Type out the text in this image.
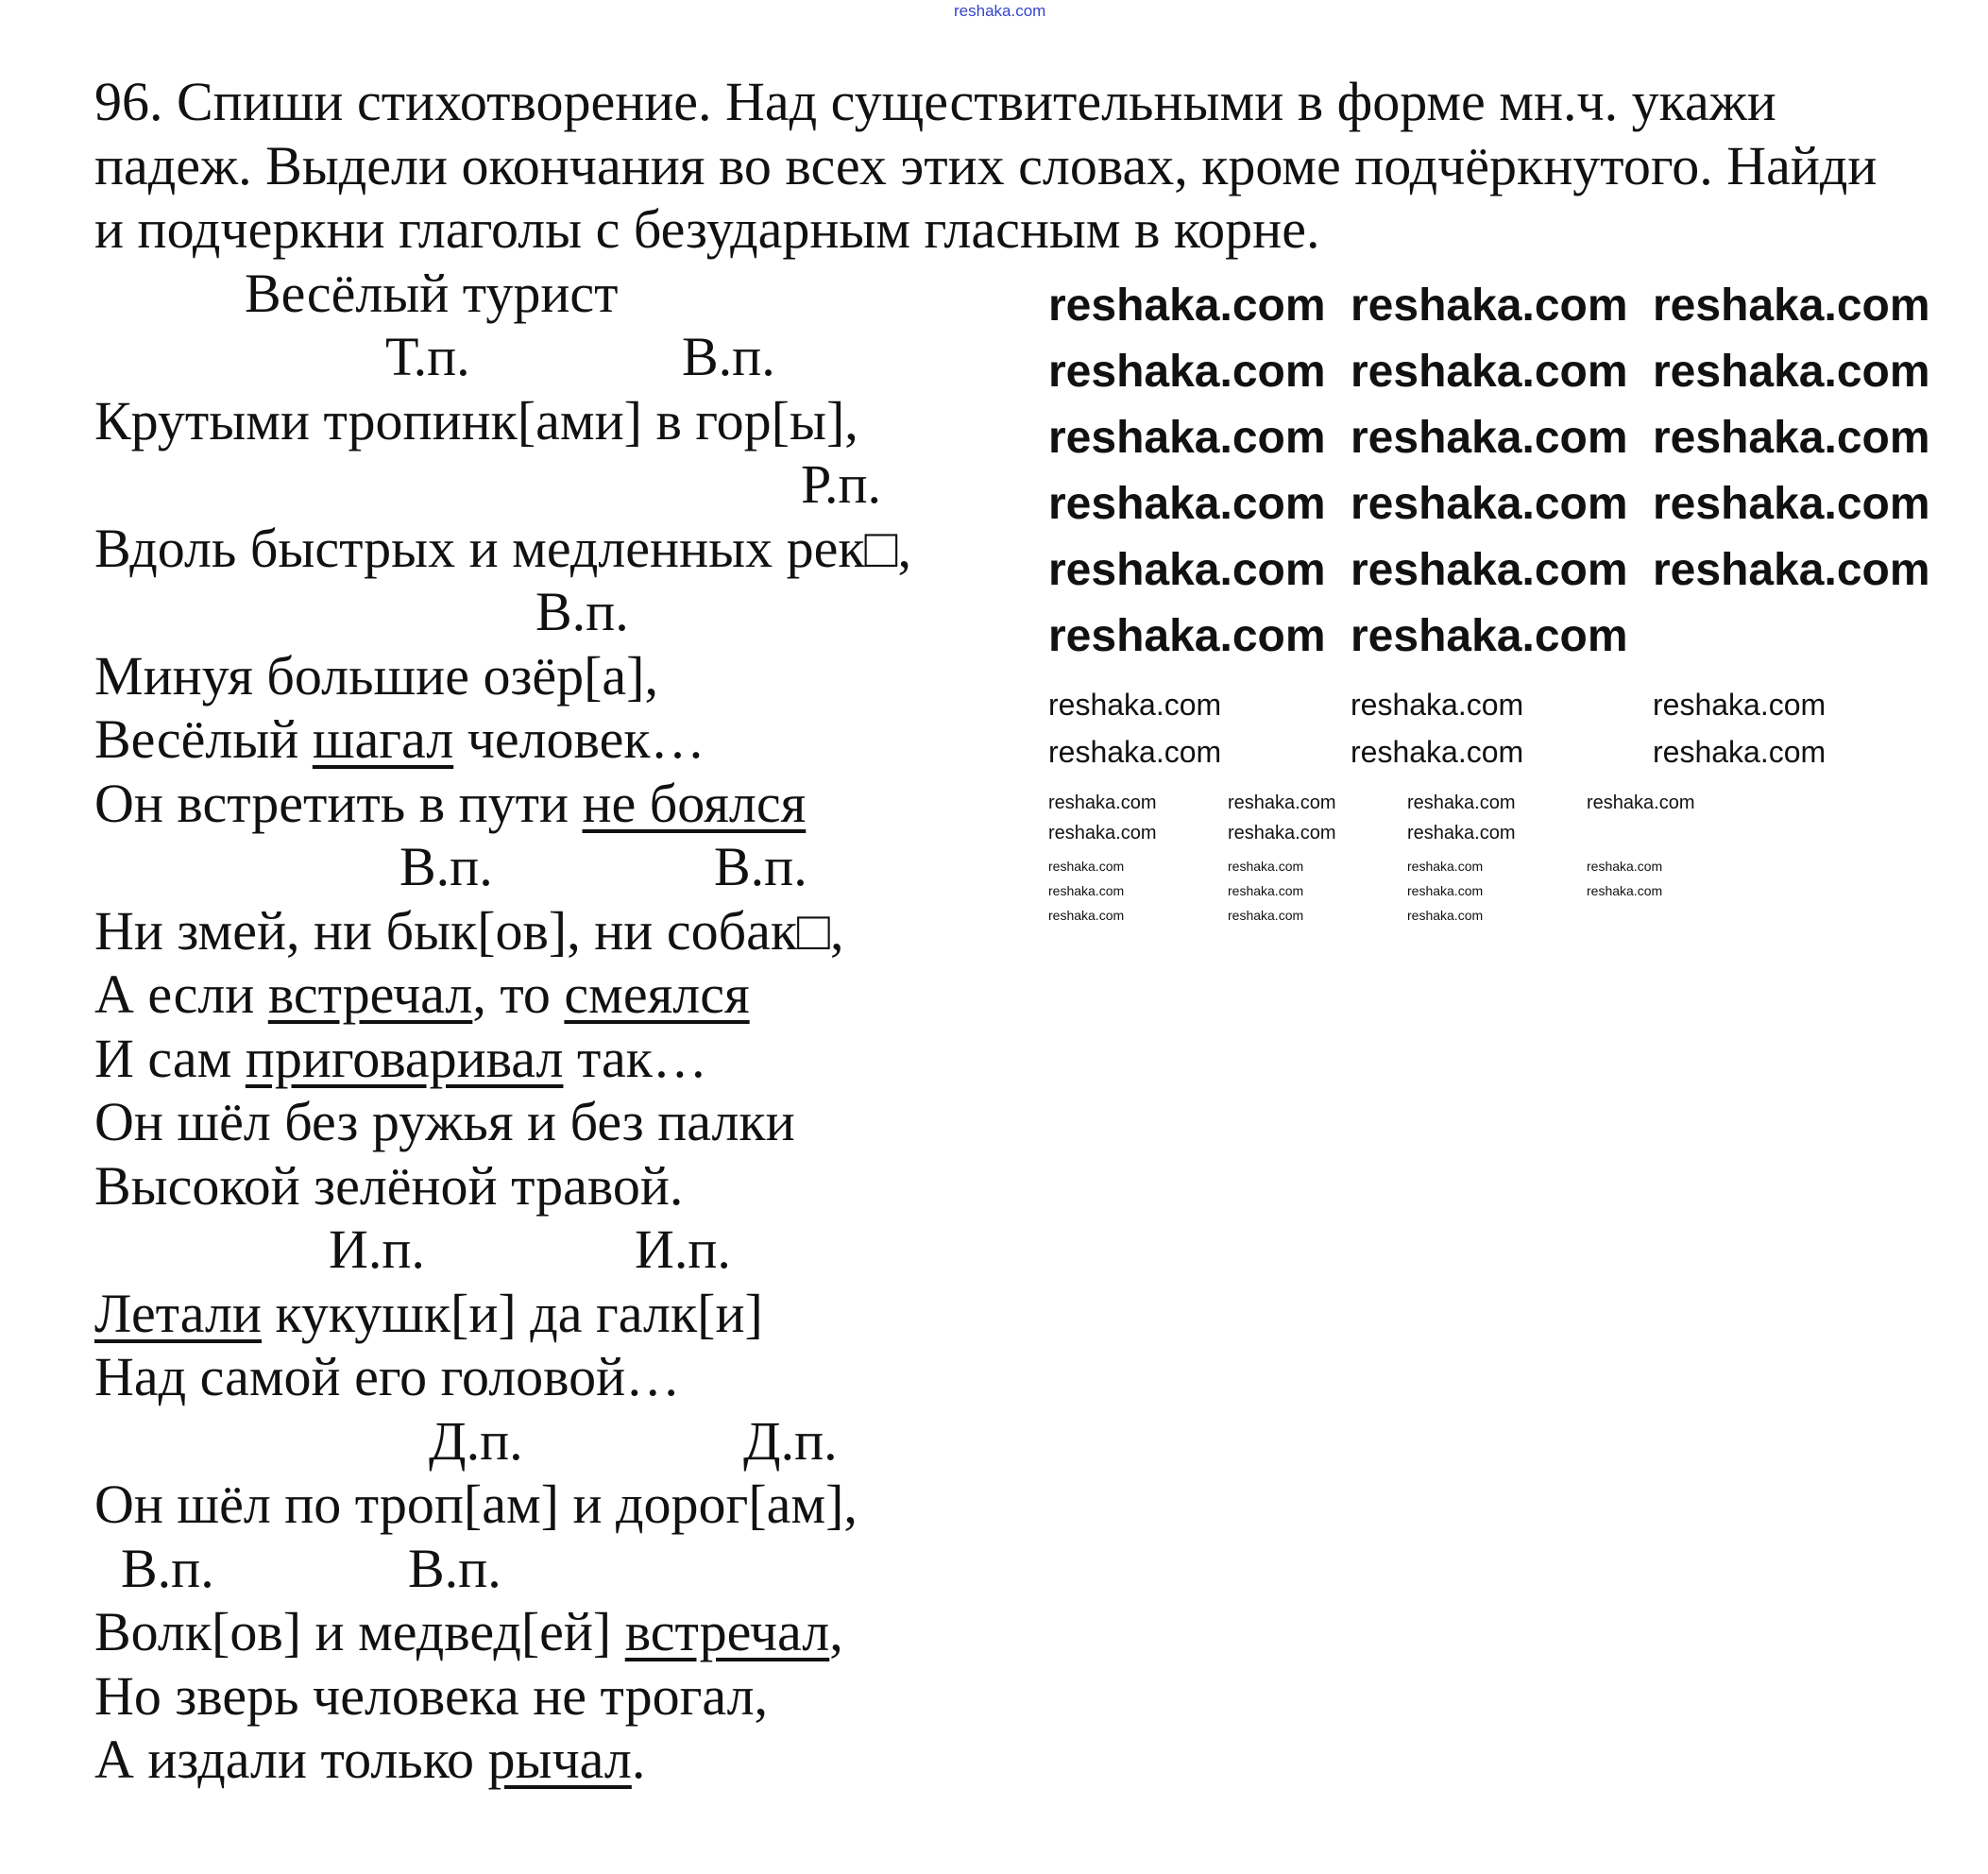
96. Спиши стихотворение. Над существительными в форме мн.ч. укажи
падеж. Выдели окончания во всех этих словах, кроме подчёркнутого. Найди
и подчеркни глаголы с безударным гласным в корне.
Весёлый турист
Т.п.	В.п.
Крутыми тропинк[ами] в гор[ы],
Р.п.
Вдоль быстрых и медленных рек□,
В.п.
Минуя большие озёр[а],
Весёлый шагал человек…
Он встретить в пути не боялся
В.п.	В.п.
Ни змей, ни бык[ов], ни собак□,
А если встречал, то смеялся
И сам приговаривал так…
Он шёл без ружья и без палки
Высокой зелёной травой.
И.п.	И.п.
Летали кукушк[и] да галк[и]
Над самой его головой…
Д.п.	Д.п.
Он шёл по троп[ам] и дорог[ам],
В.п.	В.п.
Волк[ов] и медвед[ей] встречал,
Но зверь человека не трогал,
А издали только рычал.
reshaka.com
reshaka.com reshaka.com reshaka.com
reshaka.com reshaka.com reshaka.com
reshaka.com reshaka.com reshaka.com
reshaka.com reshaka.com reshaka.com
reshaka.com reshaka.com reshaka.com
reshaka.com reshaka.com
reshaka.com	reshaka.com	reshaka.com
reshaka.com	reshaka.com	reshaka.com
reshaka.com	reshaka.com	reshaka.com	reshaka.com
reshaka.com	reshaka.com	reshaka.com
reshaka.com	reshaka.com	reshaka.com	reshaka.com
reshaka.com	reshaka.com	reshaka.com	reshaka.com
reshaka.com	reshaka.com	reshaka.com
